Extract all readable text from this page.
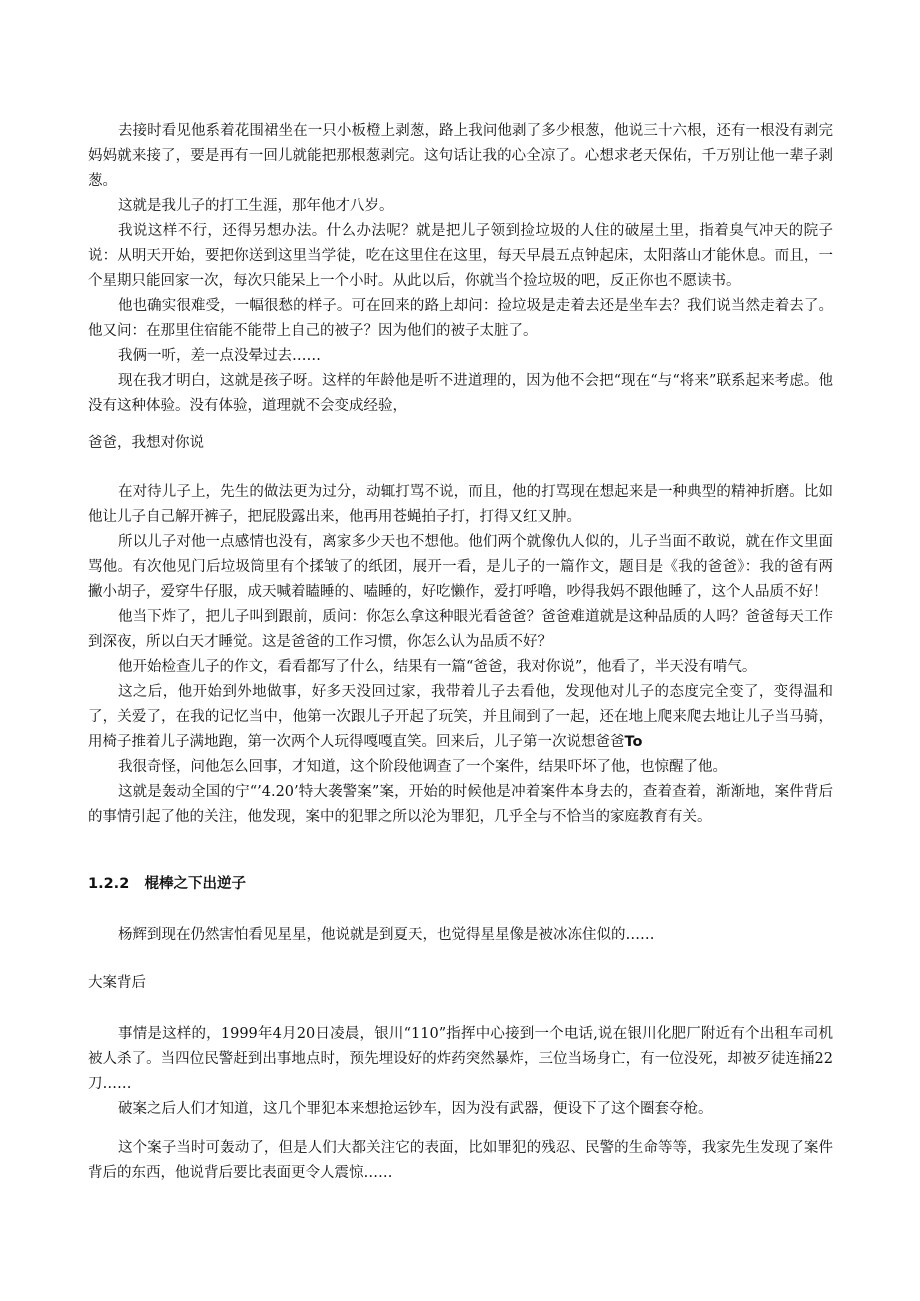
去接时看见他系着花围裙坐在一只小板橙上剥葱，路上我问他剥了多少根葱，他说三十六根，还有一根没有剥完妈妈就来接了，要是再有一回儿就能把那根葱剥完。这句话让我的心全凉了。心想求老天保佑，千万别让他一辈子剥葱。

这就是我儿子的打工生涯，那年他才八岁。

我说这样不行，还得另想办法。什么办法呢？就是把儿子领到捡垃圾的人住的破屋土里，指着臭气冲天的院子说：从明天开始，要把你送到这里当学徒，吃在这里住在这里，每天早晨五点钟起床，太阳落山才能休息。而且，一个星期只能回家一次，每次只能呆上一个小时。从此以后，你就当个捡垃圾的吧，反正你也不愿读书。

他也确实很难受，一幅很愁的样子。可在回来的路上却问：捡垃圾是走着去还是坐车去？我们说当然走着去了。他又问：在那里住宿能不能带上自己的被子？因为他们的被子太脏了。

我俩一听，差一点没晕过去……

现在我才明白，这就是孩子呀。这样的年龄他是听不进道理的，因为他不会把“现在“与“将来”联系起来考虑。他没有这种体验。没有体验，道理就不会变成经验，

爸爸，我想对你说

在对待儿子上，先生的做法更为过分，动辄打骂不说，而且，他的打骂现在想起来是一种典型的精神折磨。比如他让儿子自己解开裤子，把屁股露出来，他再用苍蝇拍子打，打得又红又肿。

所以儿子对他一点感情也没有，离家多少天也不想他。他们两个就像仇人似的，儿子当面不敢说，就在作文里面骂他。有次他见门后垃圾筒里有个揉皱了的纸团，展开一看，是儿子的一篇作文，题目是《我的爸爸》：我的爸有两撇小胡子，爱穿牛仔服，成天喊着瞌睡的、嗑睡的，好吃懒作，爱打呼噜，吵得我妈不跟他睡了，这个人品质不好！

他当下炸了，把儿子叫到跟前，质问：你怎么拿这种眼光看爸爸？爸爸难道就是这种品质的人吗？爸爸每天工作到深夜，所以白天才睡觉。这是爸爸的工作习惯，你怎么认为品质不好？

他开始检查儿子的作文，看看都写了什么，结果有一篇“爸爸，我对你说”，他看了，半天没有啃气。

这之后，他开始到外地做事，好多天没回过家，我带着儿子去看他，发现他对儿子的态度完全变了，变得温和了，关爱了，在我的记忆当中，他第一次跟儿子开起了玩笑，并且闹到了一起，还在地上爬来爬去地让儿子当马骑，用椅子推着儿子满地跑，第一次两个人玩得嘎嘎直笑。回来后，儿子第一次说想爸爸To

我很奇怪，问他怎么回事，才知道，这个阶段他调查了一个案件，结果吓坏了他，也惊醒了他。

这就是轰动全国的宁“’4.20’特大袭警案”案，开始的时候他是冲着案件本身去的，查着查着，渐渐地，案件背后的事情引起了他的关注，他发现，案中的犯罪之所以沦为罪犯，几乎全与不恰当的家庭教育有关。

1.2.2 棍棒之下出逆子

杨辉到现在仍然害怕看见星星，他说就是到夏天，也觉得星星像是被冰冻住似的……

大案背后

事情是这样的，1999年4月20日凌晨，银川“110”指挥中心接到一个电话,说在银川化肥厂附近有个出租车司机被人杀了。当四位民警赶到出事地点时，预先埋设好的炸药突然暴炸，三位当场身亡，有一位没死，却被歹徒连捅22刀……

破案之后人们才知道，这几个罪犯本来想抢运钞车，因为没有武器，便设下了这个圈套夺枪。

这个案子当时可轰动了，但是人们大都关注它的表面，比如罪犯的残忍、民警的生命等等，我家先生发现了案件背后的东西，他说背后要比表面更令人震惊……
